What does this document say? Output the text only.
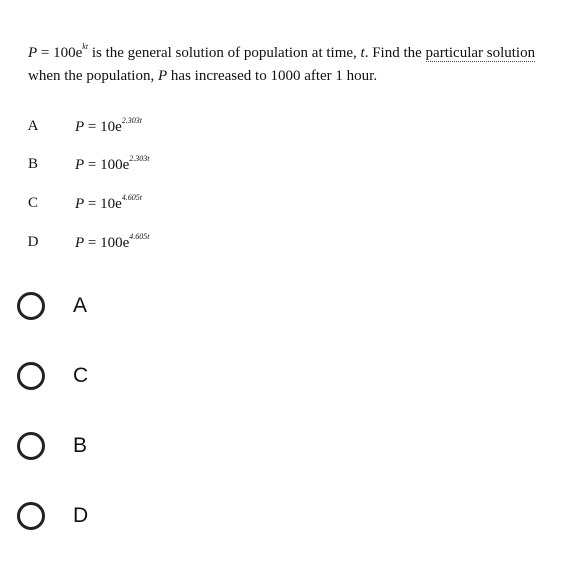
$P = 100e^{kt}$ is the general solution of population at time, t. Find the particular solution
when the population, P has increased to 1000 after 1 hour.
A $P = 10e^{2.303t}$
B $P = 100e^{2.303t}$
C $P = 10e^{4.605t}$
D $P = 100e^{4.605t}$
A
C
B
D
